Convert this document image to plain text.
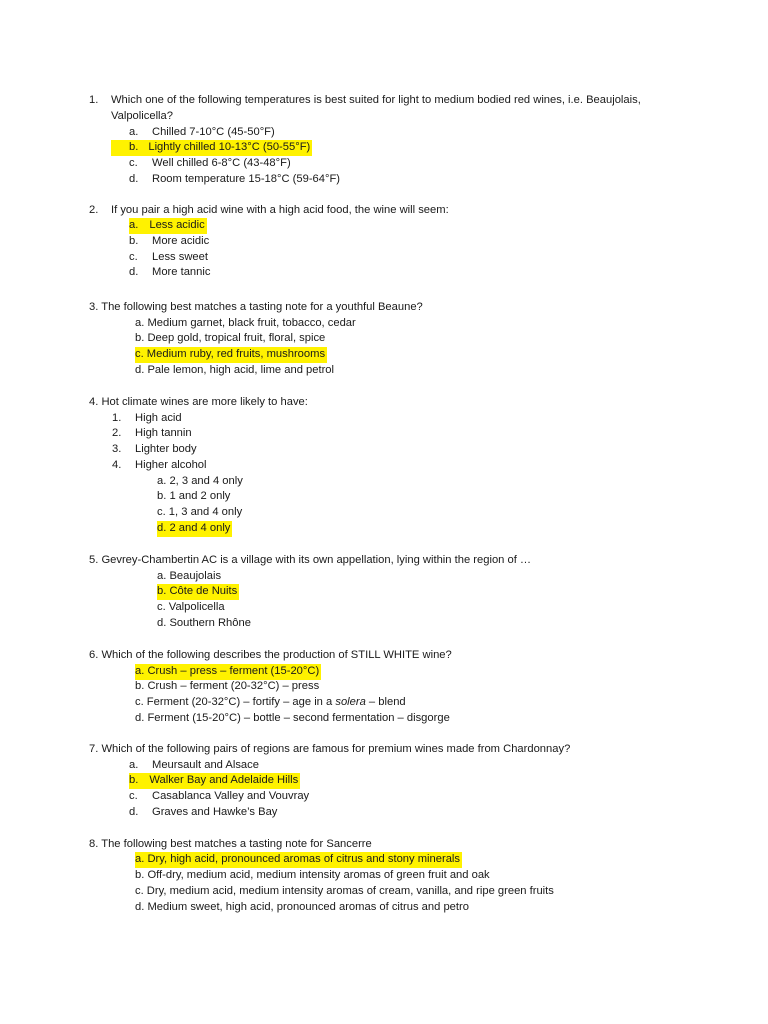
1. Which one of the following temperatures is best suited for light to medium bodied red wines, i.e. Beaujolais,
Valpolicella?
a. Chilled 7-10°C (45-50°F)
b. Lightly chilled 10-13°C (50-55°F)
c. Well chilled 6-8°C (43-48°F)
d. Room temperature 15-18°C (59-64°F)
2. If you pair a high acid wine with a high acid food, the wine will seem:
a. Less acidic
b. More acidic
c. Less sweet
d. More tannic
3. The following best matches a tasting note for a youthful Beaune?
a. Medium garnet, black fruit, tobacco, cedar
b. Deep gold, tropical fruit, floral, spice
c. Medium ruby, red fruits, mushrooms
d. Pale lemon, high acid, lime and petrol
4. Hot climate wines are more likely to have:
1. High acid
2. High tannin
3. Lighter body
4. Higher alcohol
a. 2, 3 and 4 only
b. 1 and 2 only
c. 1, 3 and 4 only
d. 2 and 4 only
5. Gevrey-Chambertin AC is a village with its own appellation, lying within the region of …
a. Beaujolais
b. Côte de Nuits
c. Valpolicella
d. Southern Rhône
6. Which of the following describes the production of STILL WHITE wine?
a. Crush – press – ferment (15-20°C)
b. Crush – ferment (20-32°C) – press
c. Ferment (20-32°C) – fortify – age in a solera – blend
d. Ferment (15-20°C) – bottle – second fermentation – disgorge
7. Which of the following pairs of regions are famous for premium wines made from Chardonnay?
a. Meursault and Alsace
b. Walker Bay and Adelaide Hills
c. Casablanca Valley and Vouvray
d. Graves and Hawke’s Bay
8. The following best matches a tasting note for Sancerre
a. Dry, high acid, pronounced aromas of citrus and stony minerals
b. Off-dry, medium acid, medium intensity aromas of green fruit and oak
c. Dry, medium acid, medium intensity aromas of cream, vanilla, and ripe green fruits
d. Medium sweet, high acid, pronounced aromas of citrus and petro
